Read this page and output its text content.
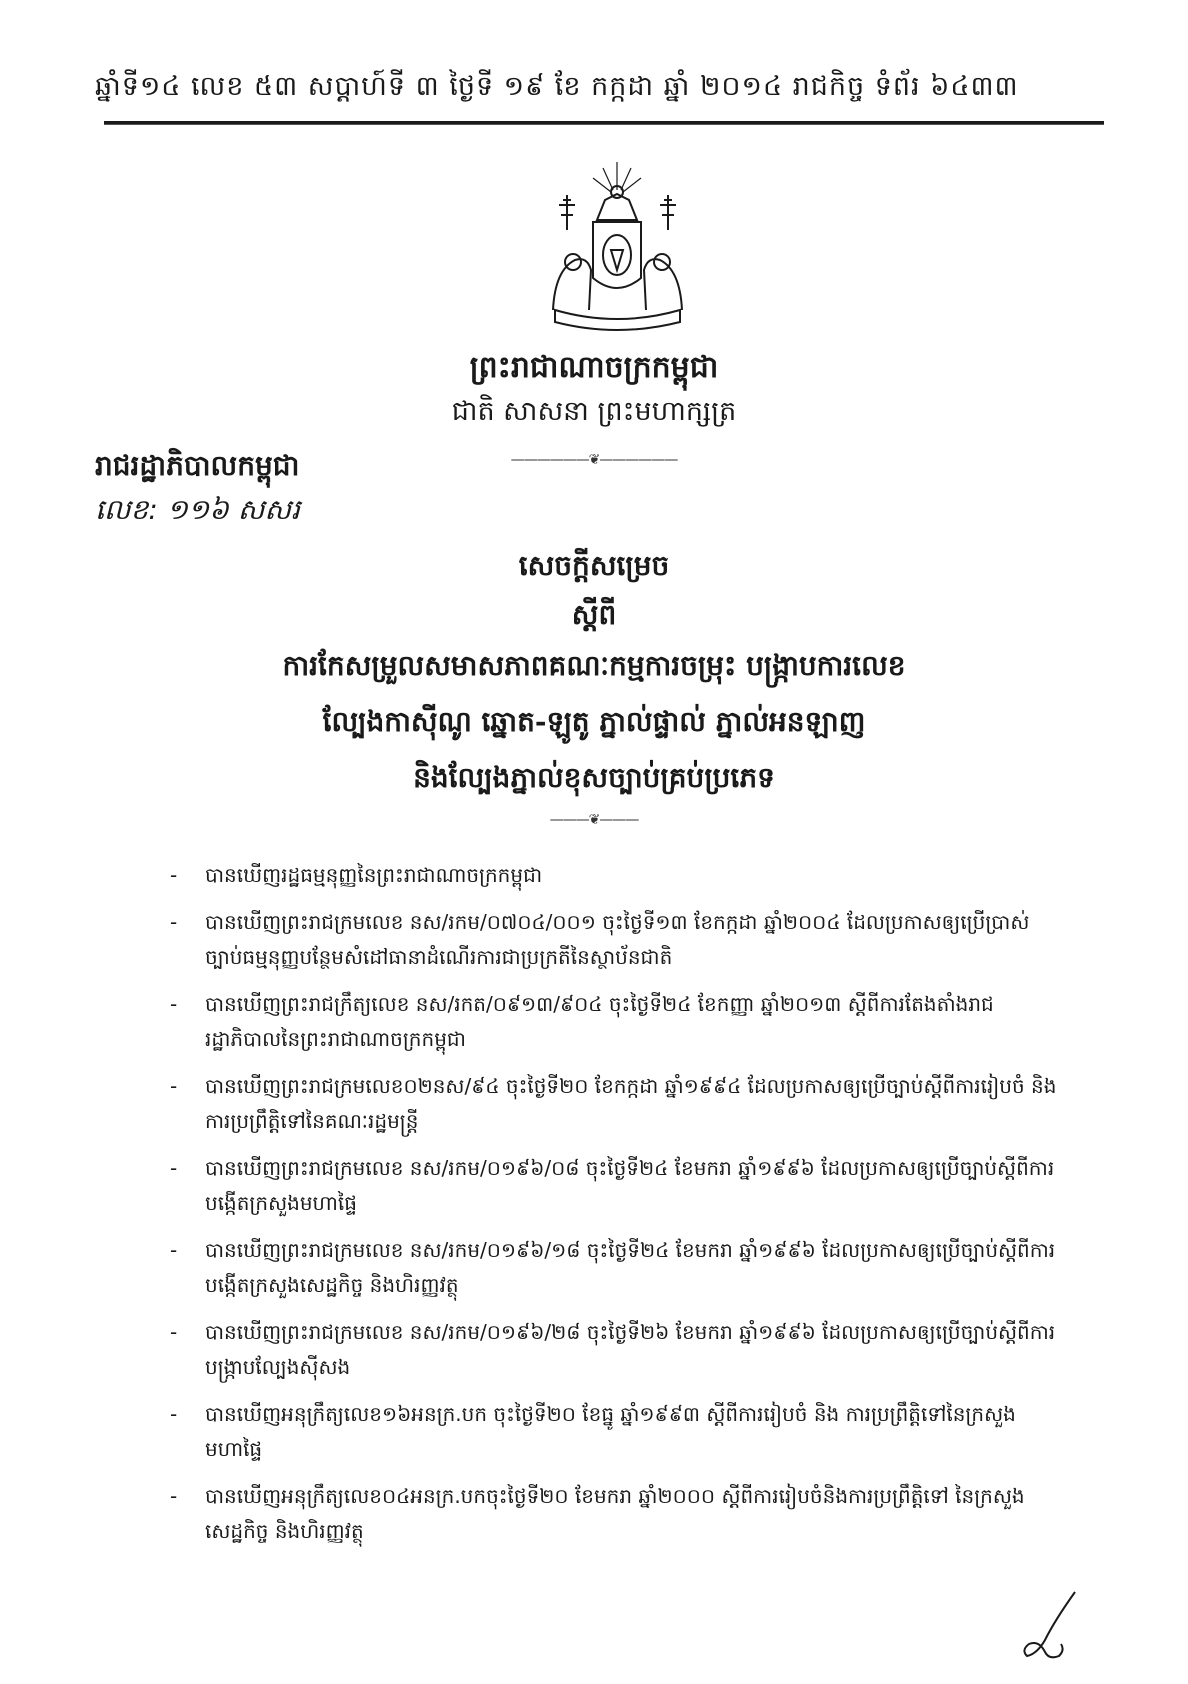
ឆ្នាំទី១៤ លេខ ៥៣ សប្តាហ៍ទី ៣ ថ្ងៃទី ១៩ ខែ កក្កដា ឆ្នាំ ២០១៤ រាជកិច្ច ទំព័រ ៦៤៣៣
ព្រះរាជាណាចក្រកម្ពុជា
ជាតិ សាសនា ព្រះមហាក្សត្រ
——————❦——————
រាជរដ្ឋាភិបាលកម្ពុជា
លេខ: ១១៦ សសរ
សេចក្តីសម្រេច
ស្តីពី
ការកែសម្រួលសមាសភាពគណៈកម្មការចម្រុះ បង្ក្រាបការលេខ
ល្បែងកាស៊ីណូ ឆ្នោត-ឡូតូ ភ្នាល់ផ្ទាល់ ភ្នាល់អនឡាញ
និងល្បែងភ្នាល់ខុសច្បាប់គ្រប់ប្រភេទ
———❦———
- បានឃើញរដ្ឋធម្មនុញ្ញនៃព្រះរាជាណាចក្រកម្ពុជា
- បានឃើញព្រះរាជក្រមលេខ នស/រកម/០៧០៤/០០១ ចុះថ្ងៃទី១៣ ខែកក្កដា ឆ្នាំ២០០៤ ដែលប្រកាសឲ្យប្រើប្រាស់ច្បាប់ធម្មនុញ្ញបន្ថែមសំដៅធានាដំណើរការជាប្រក្រតីនៃស្ថាប័នជាតិ
- បានឃើញព្រះរាជក្រឹត្យលេខ នស/រកត/០៩១៣/៩០៤ ចុះថ្ងៃទី២៤ ខែកញ្ញា ឆ្នាំ២០១៣ ស្តីពីការតែងតាំងរាជរដ្ឋាភិបាលនៃព្រះរាជាណាចក្រកម្ពុជា
- បានឃើញព្រះរាជក្រមលេខ០២នស/៩៤ ចុះថ្ងៃទី២០ ខែកក្កដា ឆ្នាំ១៩៩៤ ដែលប្រកាសឲ្យប្រើច្បាប់ស្តីពីការរៀបចំ និងការប្រព្រឹត្តិទៅនៃគណៈរដ្ឋមន្ត្រី
- បានឃើញព្រះរាជក្រមលេខ នស/រកម/០១៩៦/០៨ ចុះថ្ងៃទី២៤ ខែមករា ឆ្នាំ១៩៩៦ ដែលប្រកាសឲ្យប្រើច្បាប់ស្តីពីការបង្កើតក្រសួងមហាផ្ទៃ
- បានឃើញព្រះរាជក្រមលេខ នស/រកម/០១៩៦/១៨ ចុះថ្ងៃទី២៤ ខែមករា ឆ្នាំ១៩៩៦ ដែលប្រកាសឲ្យប្រើច្បាប់ស្តីពីការបង្កើតក្រសួងសេដ្ឋកិច្ច និងហិរញ្ញវត្ថុ
- បានឃើញព្រះរាជក្រមលេខ នស/រកម/០១៩៦/២៨ ចុះថ្ងៃទី២៦ ខែមករា ឆ្នាំ១៩៩៦ ដែលប្រកាសឲ្យប្រើច្បាប់ស្តីពីការបង្ក្រាបល្បែងស៊ីសង
- បានឃើញអនុក្រឹត្យលេខ១៦អនក្រ.បក ចុះថ្ងៃទី២០ ខែធ្នូ ឆ្នាំ១៩៩៣ ស្តីពីការរៀបចំ និង ការប្រព្រឹត្តិទៅនៃក្រសួងមហាផ្ទៃ
- បានឃើញអនុក្រឹត្យលេខ០៤អនក្រ.បកចុះថ្ងៃទី២០ ខែមករា ឆ្នាំ២០០០ ស្តីពីការរៀបចំនិងការប្រព្រឹត្តិទៅ នៃក្រសួងសេដ្ឋកិច្ច និងហិរញ្ញវត្ថុ
